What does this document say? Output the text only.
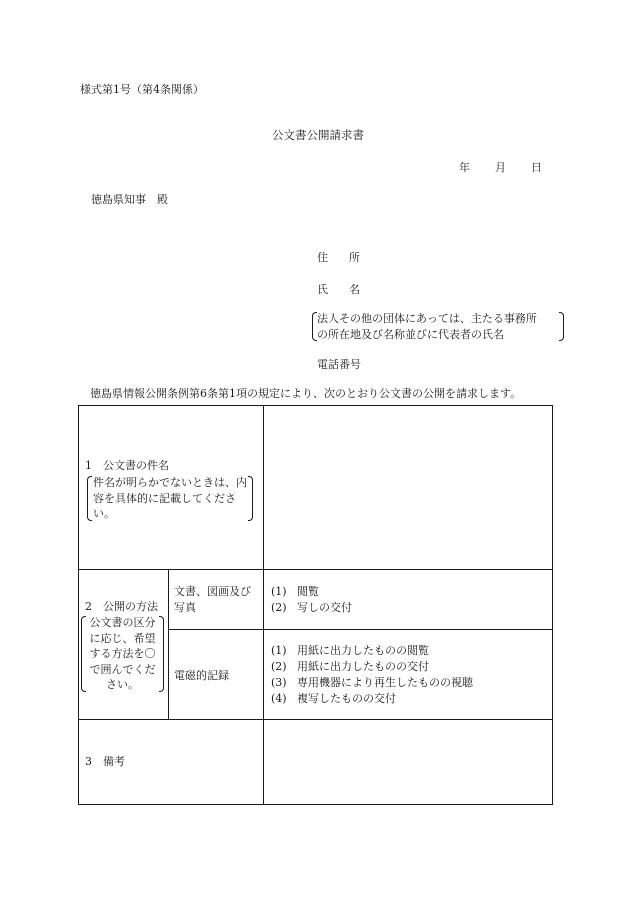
様式第1号（第4条関係）
公文書公開請求書
年 月 日
徳島県知事　殿
住 所
氏 名
法人その他の団体にあっては、主たる事務所
の所在地及び名称並びに代表者の氏名
電話番号
徳島県情報公開条例第6条第1項の規定により、次のとおり公文書の公開を請求します。
1　公文書の件名
件名が明らかでないときは、内容を具体的に記載してください。
2　公開の方法
公文書の区分に応じ、希望する方法を〇で囲んでください。
文書、図画及び
写真
(1) 閲覧
(2) 写しの交付
電磁的記録
(1) 用紙に出力したものの閲覧
(2) 用紙に出力したものの交付
(3) 専用機器により再生したものの視聴
(4) 複写したものの交付
3　備考
